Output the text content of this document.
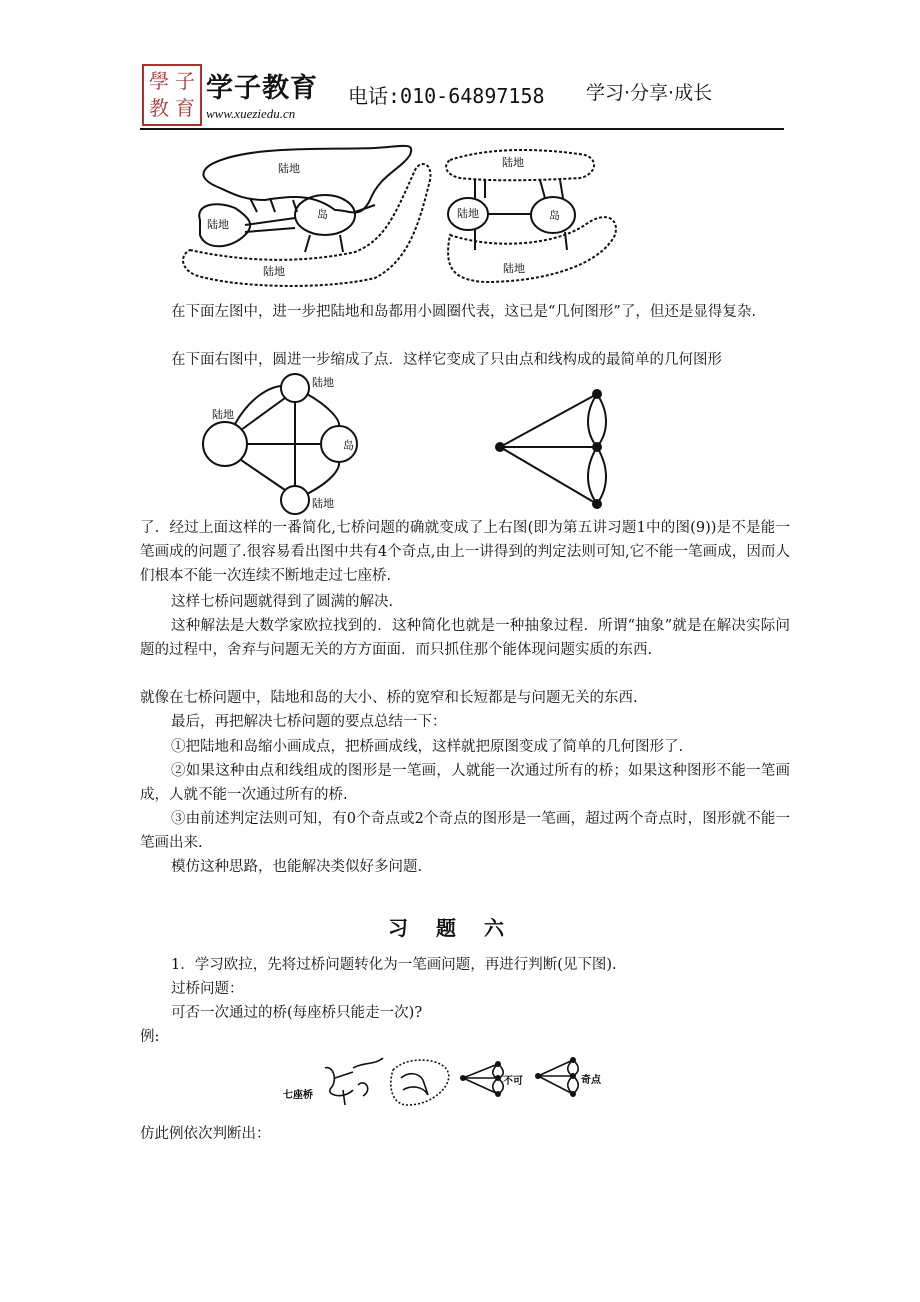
學 子
教 育
学子教育
www.xueziedu.cn
电话:010-64897158 学习·分享·成长
陆地
陆地
岛
陆地
陆地
陆地	岛
陆地

在下面左图中，进一步把陆地和岛都用小圆圈代表，这已是“几何图形”了，但还是显得复杂.

在下面右图中，圆进一步缩成了点．这样它变成了只由点和线构成的最简单的几何图形

陆地
陆地
岛
陆地

了．经过上面这样的一番简化,七桥问题的确就变成了上右图(即为第五讲习题1中的图(9))是不是能一笔画成的问题了.很容易看出图中共有4个奇点,由上一讲得到的判定法则可知,它不能一笔画成，因而人们根本不能一次连续不断地走过七座桥.

这样七桥问题就得到了圆满的解决.

这种解法是大数学家欧拉找到的．这种简化也就是一种抽象过程．所谓“抽象”就是在解决实际问题的过程中，舍弃与问题无关的方方面面．而只抓住那个能体现问题实质的东西.

就像在七桥问题中，陆地和岛的大小、桥的宽窄和长短都是与问题无关的东西.

最后，再把解决七桥问题的要点总结一下：

①把陆地和岛缩小画成点，把桥画成线，这样就把原图变成了简单的几何图形了.

②如果这种由点和线组成的图形是一笔画，人就能一次通过所有的桥；如果这种图形不能一笔画成，人就不能一次通过所有的桥.

③由前述判定法则可知，有0个奇点或2个奇点的图形是一笔画，超过两个奇点时，图形就不能一笔画出来.

模仿这种思路，也能解决类似好多问题.

习题六

1．学习欧拉，先将过桥问题转化为一笔画问题，再进行判断(见下图).

过桥问题：

可否一次通过的桥(每座桥只能走一次)?

例:

七座桥
不可	奇点

仿此例依次判断出：
